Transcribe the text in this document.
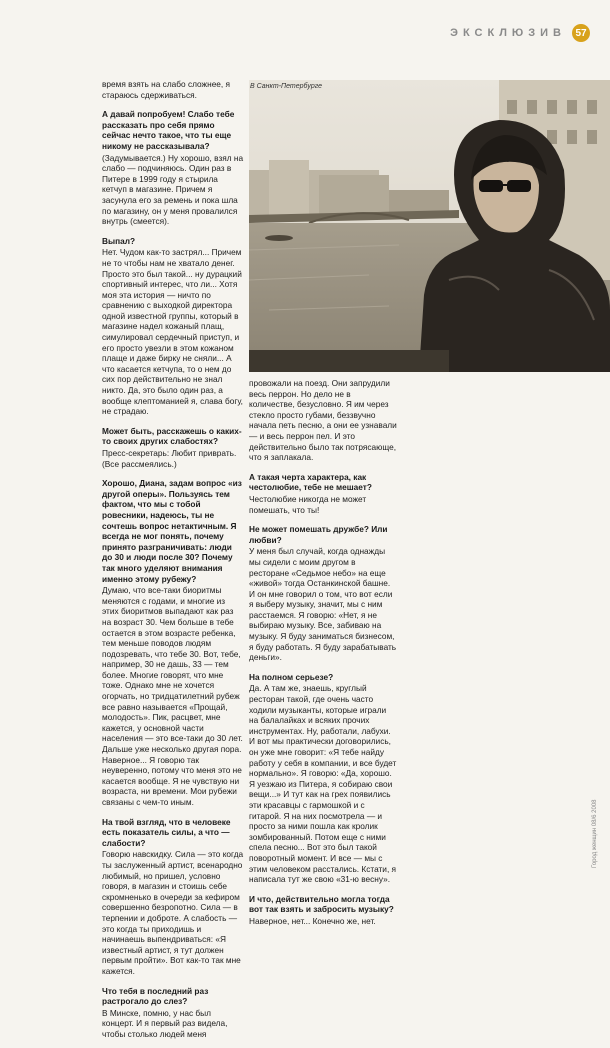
ЭКСКЛЮЗИВ 57
В Санкт-Петербурге

время взять на слабо сложнее, я стараюсь сдерживаться.

А давай попробуем! Слабо тебе рассказать про себя прямо сейчас нечто такое, что ты еще никому не рассказывала?

(Задумывается.) Ну хорошо, взял на слабо — подчиняюсь. Один раз в Питере в 1999 году я стырила кетчуп в магазине. Причем я засунула его за ремень и пока шла по магазину, он у меня провалился внутрь (смеется).

Выпал?

Нет. Чудом как-то застрял... Причем не то чтобы нам не хватало денег. Просто это был такой... ну дурацкий спортивный интерес, что ли... Хотя моя эта история — ничто по сравнению с выходкой директора одной известной группы, который в магазине надел кожаный плащ, симулировал сердечный приступ, и его просто увезли в этом кожаном плаще и даже бирку не сняли... А что касается кетчупа, то о нем до сих пор действительно не знал никто. Да, это было один раз, а вообще клептоманией я, слава богу, не страдаю.

Может быть, расскажешь о каких-то своих других слабостях?

Пресс-секретарь: Любит приврать. (Все рассмеялись.)

Хорошо, Диана, задам вопрос «из другой оперы». Пользуясь тем фактом, что мы с тобой ровесники, надеюсь, ты не сочтешь вопрос нетактичным. Я всегда не мог понять, почему принято разграничивать: люди до 30 и люди после 30? Почему так много уделяют внимания именно этому рубежу?

Думаю, что все-таки биоритмы меняются с годами, и многие из этих биоритмов выпадают как раз на возраст 30. Чем больше в тебе остается в этом возрасте ребенка, тем меньше поводов людям подозревать, что тебе 30. Вот, тебе, например, 30 не дашь, 33 — тем более. Многие говорят, что мне тоже. Однако мне не хочется огорчать, но тридцатилетний рубеж все равно называется «Прощай, молодость». Пик, расцвет, мне кажется, у основной части населения — это все-таки до 30 лет. Дальше уже несколько другая пора. Наверное... Я говорю так неуверенно, потому что меня это не касается вообще. Я не чувствую ни возраста, ни времени. Мои рубежи связаны с чем-то иным.

На твой взгляд, что в человеке есть показатель силы, а что — слабости?

Говорю навскидку. Сила — это когда ты заслуженный артист, всенародно любимый, но пришел, условно говоря, в магазин и стоишь себе скромненько в очереди за кефиром совершенно безропотно. Сила — в терпении и доброте. А слабость — это когда ты приходишь и начинаешь выпендриваться: «Я известный артист, я тут должен первым пройти». Вот как-то так мне кажется.

Что тебя в последний раз растрогало до слез?

В Минске, помню, у нас был концерт. И я первый раз видела, чтобы столько людей меня

провожали на поезд. Они запрудили весь перрон. Но дело не в количестве, безусловно. Я им через стекло просто губами, беззвучно начала петь песню, а они ее узнавали — и весь перрон пел. И это действительно было так потрясающе, что я заплакала.

А такая черта характера, как честолюбие, тебе не мешает?

Честолюбие никогда не может помешать, что ты!

Не может помешать дружбе? Или любви?

У меня был случай, когда однажды мы сидели с моим другом в ресторане «Седьмое небо» на еще «живой» тогда Останкинской башне. И он мне говорил о том, что вот если я выберу музыку, значит, мы с ним расстаемся. Я говорю: «Нет, я не выбираю музыку. Все, забиваю на музыку. Я буду заниматься бизнесом, я буду работать. Я буду зарабатывать деньги».

На полном серьезе?

Да. А там же, знаешь, круглый ресторан такой, где очень часто ходили музыканты, которые играли на балалайках и всяких прочих инструментах. Ну, работали, лабухи. И вот мы практически договорились, он уже мне говорит: «Я тебе найду работу у себя в компании, и все будет нормально». Я говорю: «Да, хорошо. Я уезжаю из Питера, я собираю свои вещи...» И тут как на грех появились эти красавцы с гармошкой и с гитарой. Я на них посмотрела — и просто за ними пошла как кролик зомбированный. Потом еще с ними спела песню... Вот это был такой поворотный момент. И все — мы с этим человеком расстались. Кстати, я написала тут же свою «31-ю весну».

И что, действительно могла тогда вот так взять и забросить музыку?

Наверное, нет... Конечно же, нет.

Город женщин 08/6 2008
